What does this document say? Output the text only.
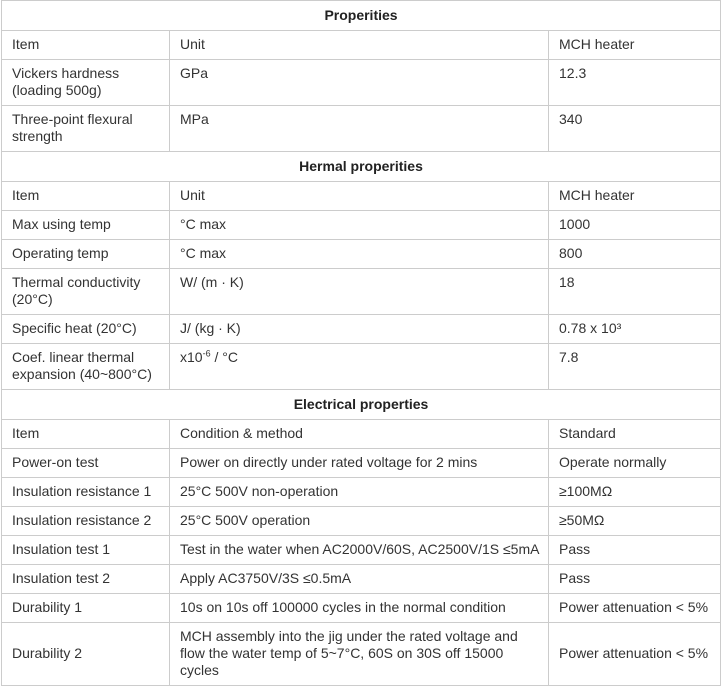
Properities		
Item	Unit	MCH heater
Vickers hardness (loading 500g)	GPa	12.3
Three-point flexural strength	MPa	340
Hermal properities		
Item	Unit	MCH heater
Max using temp	°C max	1000
Operating temp	°C max	800
Thermal conductivity (20°C)	W/ (m · K)	18
Specific heat (20°C)	J/ (kg · K)	0.78 x 10³
Coef. linear thermal expansion (40~800°C)	$x10^{-6} / ^\circ C$	7.8
Electrical properties		
Item	Condition & method	Standard
Power-on test	Power on directly under rated voltage for 2 mins	Operate normally
Insulation resistance 1	25°C 500V non-operation	≥100MΩ
Insulation resistance 2	25°C 500V operation	≥50MΩ
Insulation test 1	Test in the water when AC2000V/60S, AC2500V/1S ≤5mA	Pass
Insulation test 2	Apply AC3750V/3S ≤0.5mA	Pass
Durability 1	10s on 10s off 100000 cycles in the normal condition	Power attenuation < 5%
Durability 2	MCH assembly into the jig under the rated voltage and flow the water temp of 5~7°C, 60S on 30S off 15000 cycles	Power attenuation < 5%
